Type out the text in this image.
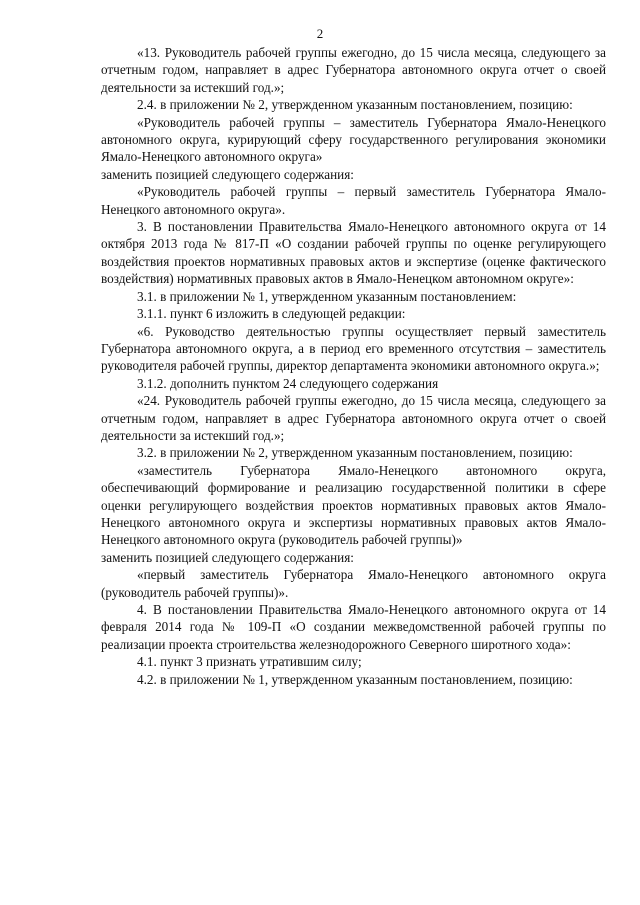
2

«13. Руководитель рабочей группы ежегодно, до 15 числа месяца, следующего за отчетным годом, направляет в адрес Губернатора автономного округа отчет о своей деятельности за истекший год.»;

2.4. в приложении № 2, утвержденном указанным постановлением, позицию:

«Руководитель рабочей группы – заместитель Губернатора Ямало-Ненецкого автономного округа, курирующий сферу государственного регулирования экономики Ямало-Ненецкого автономного округа»

заменить позицией следующего содержания:

«Руководитель рабочей группы – первый заместитель Губернатора Ямало-Ненецкого автономного округа».

3. В постановлении Правительства Ямало-Ненецкого автономного округа от 14 октября 2013 года № 817-П «О создании рабочей группы по оценке регулирующего воздействия проектов нормативных правовых актов и экспертизе (оценке фактического воздействия) нормативных правовых актов в Ямало-Ненецком автономном округе»:

3.1. в приложении № 1, утвержденном указанным постановлением:

3.1.1. пункт 6 изложить в следующей редакции:

«6. Руководство деятельностью группы осуществляет первый заместитель Губернатора автономного округа, а в период его временного отсутствия – заместитель руководителя рабочей группы, директор департамента экономики автономного округа.»;

3.1.2. дополнить пунктом 24 следующего содержания

«24. Руководитель рабочей группы ежегодно, до 15 числа месяца, следующего за отчетным годом, направляет в адрес Губернатора автономного округа отчет о своей деятельности за истекший год.»;

3.2. в приложении № 2, утвержденном указанным постановлением, позицию:

«заместитель Губернатора Ямало-Ненецкого автономного округа, обеспечивающий формирование и реализацию государственной политики в сфере оценки регулирующего воздействия проектов нормативных правовых актов Ямало-Ненецкого автономного округа и экспертизы нормативных правовых актов Ямало-Ненецкого автономного округа (руководитель рабочей группы)»

заменить позицией следующего содержания:

«первый заместитель Губернатора Ямало-Ненецкого автономного округа (руководитель рабочей группы)».

4. В постановлении Правительства Ямало-Ненецкого автономного округа от 14 февраля 2014 года № 109-П «О создании межведомственной рабочей группы по реализации проекта строительства железнодорожного Северного широтного хода»:

4.1. пункт 3 признать утратившим силу;

4.2. в приложении № 1, утвержденном указанным постановлением, позицию:
